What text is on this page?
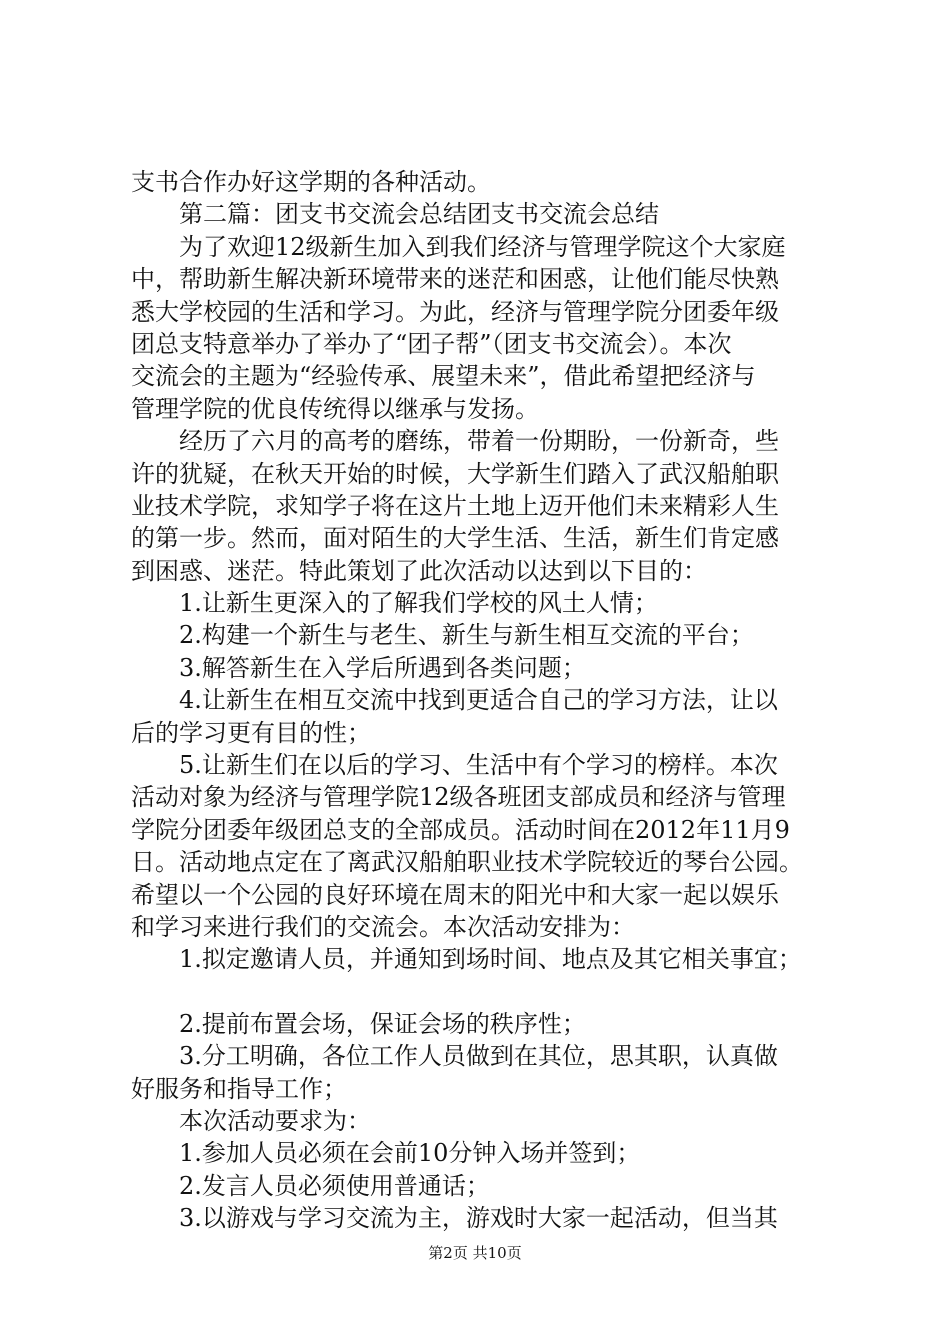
支书合作办好这学期的各种活动。
第二篇：团支书交流会总结团支书交流会总结
为了欢迎12级新生加入到我们经济与管理学院这个大家庭
中，帮助新生解决新环境带来的迷茫和困惑，让他们能尽快熟
悉大学校园的生活和学习。为此，经济与管理学院分团委年级
团总支特意举办了举办了“团子帮”（团支书交流会）。本次
交流会的主题为“经验传承、展望未来”，借此希望把经济与
管理学院的优良传统得以继承与发扬。
经历了六月的高考的磨练，带着一份期盼，一份新奇，些
许的犹疑，在秋天开始的时候，大学新生们踏入了武汉船舶职
业技术学院，求知学子将在这片土地上迈开他们未来精彩人生
的第一步。然而，面对陌生的大学生活、生活，新生们肯定感
到困惑、迷茫。特此策划了此次活动以达到以下目的：
1.让新生更深入的了解我们学校的风土人情；
2.构建一个新生与老生、新生与新生相互交流的平台；
3.解答新生在入学后所遇到各类问题；
4.让新生在相互交流中找到更适合自己的学习方法，让以
后的学习更有目的性；
5.让新生们在以后的学习、生活中有个学习的榜样。本次
活动对象为经济与管理学院12级各班团支部成员和经济与管理
学院分团委年级团总支的全部成员。活动时间在2012年11月9
日。活动地点定在了离武汉船舶职业技术学院较近的琴台公园。
希望以一个公园的良好环境在周末的阳光中和大家一起以娱乐
和学习来进行我们的交流会。本次活动安排为：
1.拟定邀请人员，并通知到场时间、地点及其它相关事宜；
2.提前布置会场，保证会场的秩序性；
3.分工明确，各位工作人员做到在其位，思其职，认真做
好服务和指导工作；
本次活动要求为：
1.参加人员必须在会前10分钟入场并签到；
2.发言人员必须使用普通话；
3.以游戏与学习交流为主，游戏时大家一起活动，但当其
第2页 共10页
